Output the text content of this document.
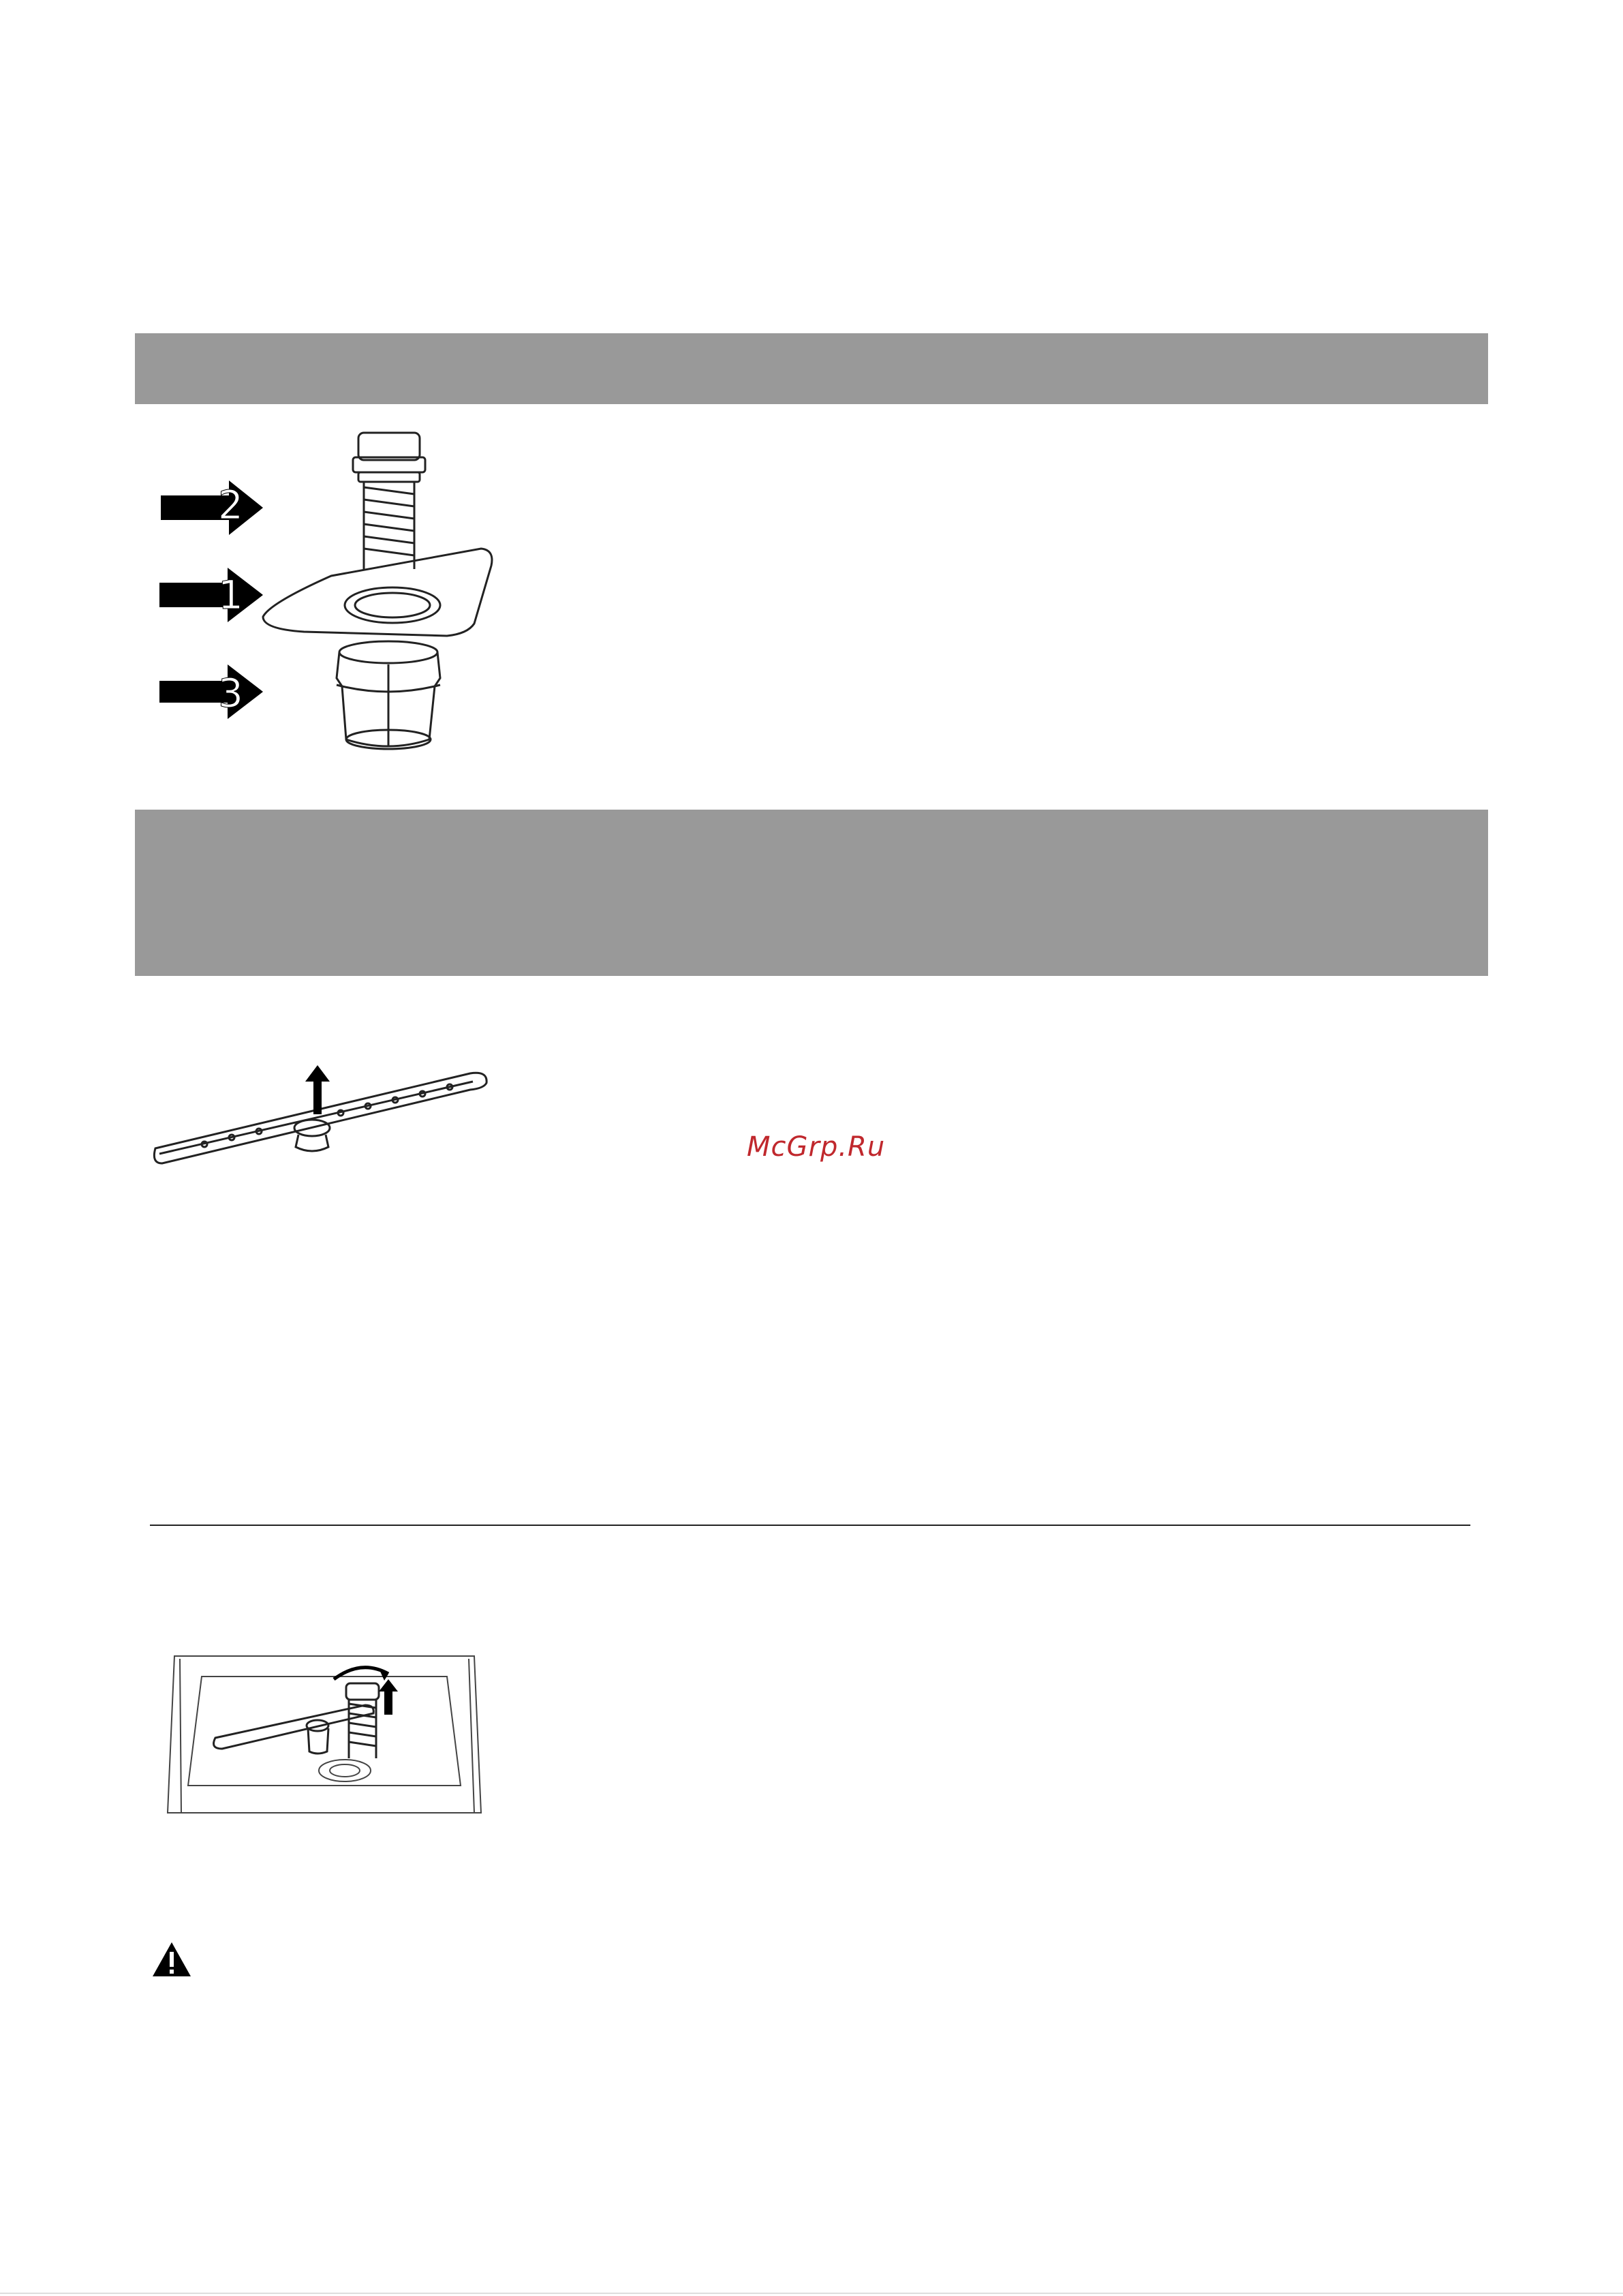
2
1
3
McGrp.Ru
